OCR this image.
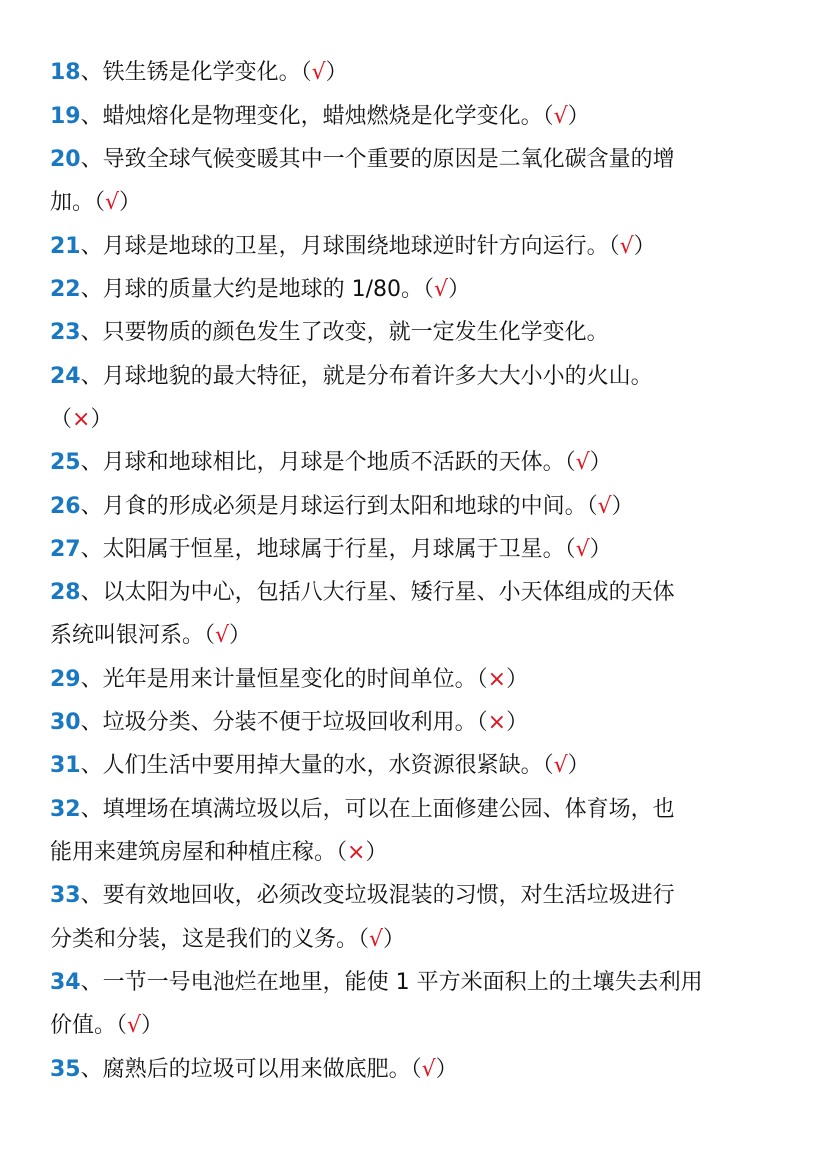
18、铁生锈是化学变化。（√）
19、蜡烛熔化是物理变化，蜡烛燃烧是化学变化。（√）
20、导致全球气候变暖其中一个重要的原因是二氧化碳含量的增
加。（√）
21、月球是地球的卫星，月球围绕地球逆时针方向运行。（√）
22、月球的质量大约是地球的 1/80。（√）
23、只要物质的颜色发生了改变，就一定发生化学变化。
24、月球地貌的最大特征，就是分布着许多大大小小的火山。
（×）
25、月球和地球相比，月球是个地质不活跃的天体。（√）
26、月食的形成必须是月球运行到太阳和地球的中间。（√）
27、太阳属于恒星，地球属于行星，月球属于卫星。（√）
28、以太阳为中心，包括八大行星、矮行星、小天体组成的天体
系统叫银河系。（√）
29、光年是用来计量恒星变化的时间单位。（×）
30、垃圾分类、分装不便于垃圾回收利用。（×）
31、人们生活中要用掉大量的水，水资源很紧缺。（√）
32、填埋场在填满垃圾以后，可以在上面修建公园、体育场，也
能用来建筑房屋和种植庄稼。（×）
33、要有效地回收，必须改变垃圾混装的习惯，对生活垃圾进行
分类和分装，这是我们的义务。（√）
34、一节一号电池烂在地里，能使 1 平方米面积上的土壤失去利用
价值。（√）
35、腐熟后的垃圾可以用来做底肥。（√）
